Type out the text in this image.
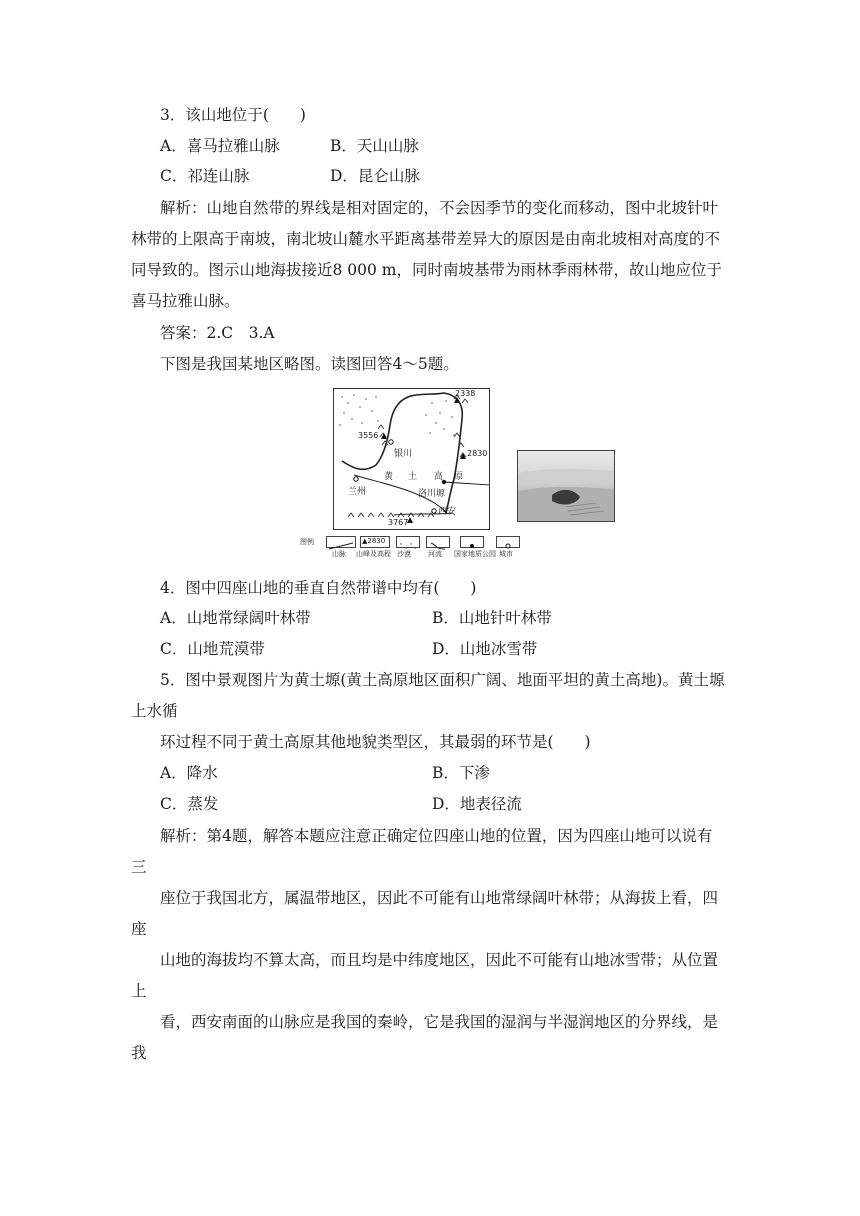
3．该山地位于(　　)
A．喜马拉雅山脉	B．天山山脉
C．祁连山脉	D．昆仑山脉
解析：山地自然带的界线是相对固定的，不会因季节的变化而移动，图中北坡针叶
林带的上限高于南坡，南北坡山麓水平距离基带差异大的原因是由南北坡相对高度的不
同导致的。图示山地海拔接近8 000 m，同时南坡基带为雨林季雨林带，故山地应位于
喜马拉雅山脉。
答案：2.C　3.A
下图是我国某地区略图。读图回答4～5题。
2338
3556
2830
3767
银川
兰州
西安
洛川塬
黄 土 高 原
图例	▲2830
山脉 山峰及高程 沙漠 河流 国家地质公园 城市
4．图中四座山地的垂直自然带谱中均有(　　)
A．山地常绿阔叶林带	B．山地针叶林带
C．山地荒漠带	D．山地冰雪带
5．图中景观图片为黄土塬(黄土高原地区面积广阔、地面平坦的黄土高地)。黄土塬
上水循
环过程不同于黄土高原其他地貌类型区，其最弱的环节是(　　)
A．降水	B．下渗
C．蒸发	D．地表径流
解析：第4题，解答本题应注意正确定位四座山地的位置，因为四座山地可以说有
三
座位于我国北方，属温带地区，因此不可能有山地常绿阔叶林带；从海拔上看，四
座
山地的海拔均不算太高，而且均是中纬度地区，因此不可能有山地冰雪带；从位置
上
看，西安南面的山脉应是我国的秦岭，它是我国的湿润与半湿润地区的分界线，是
我
